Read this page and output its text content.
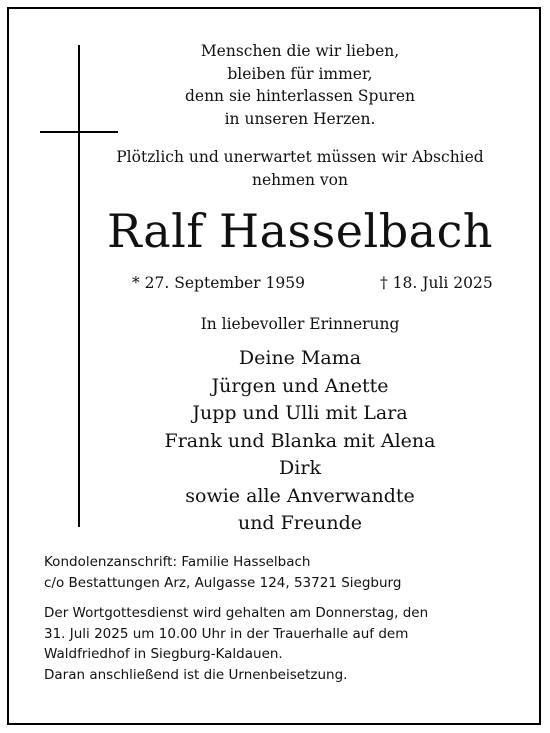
Menschen die wir lieben,
bleiben für immer,
denn sie hinterlassen Spuren
in unseren Herzen.
Plötzlich und unerwartet müssen wir Abschied
nehmen von
Ralf Hasselbach
* 27. September 1959	† 18. Juli 2025
In liebevoller Erinnerung
Deine Mama
Jürgen und Anette
Jupp und Ulli mit Lara
Frank und Blanka mit Alena
Dirk
sowie alle Anverwandte
und Freunde
Kondolenzanschrift: Familie Hasselbach
c/o Bestattungen Arz, Aulgasse 124, 53721 Siegburg
Der Wortgottesdienst wird gehalten am Donnerstag, den
31. Juli 2025 um 10.00 Uhr in der Trauerhalle auf dem
Waldfriedhof in Siegburg-Kaldauen.
Daran anschließend ist die Urnenbeisetzung.
